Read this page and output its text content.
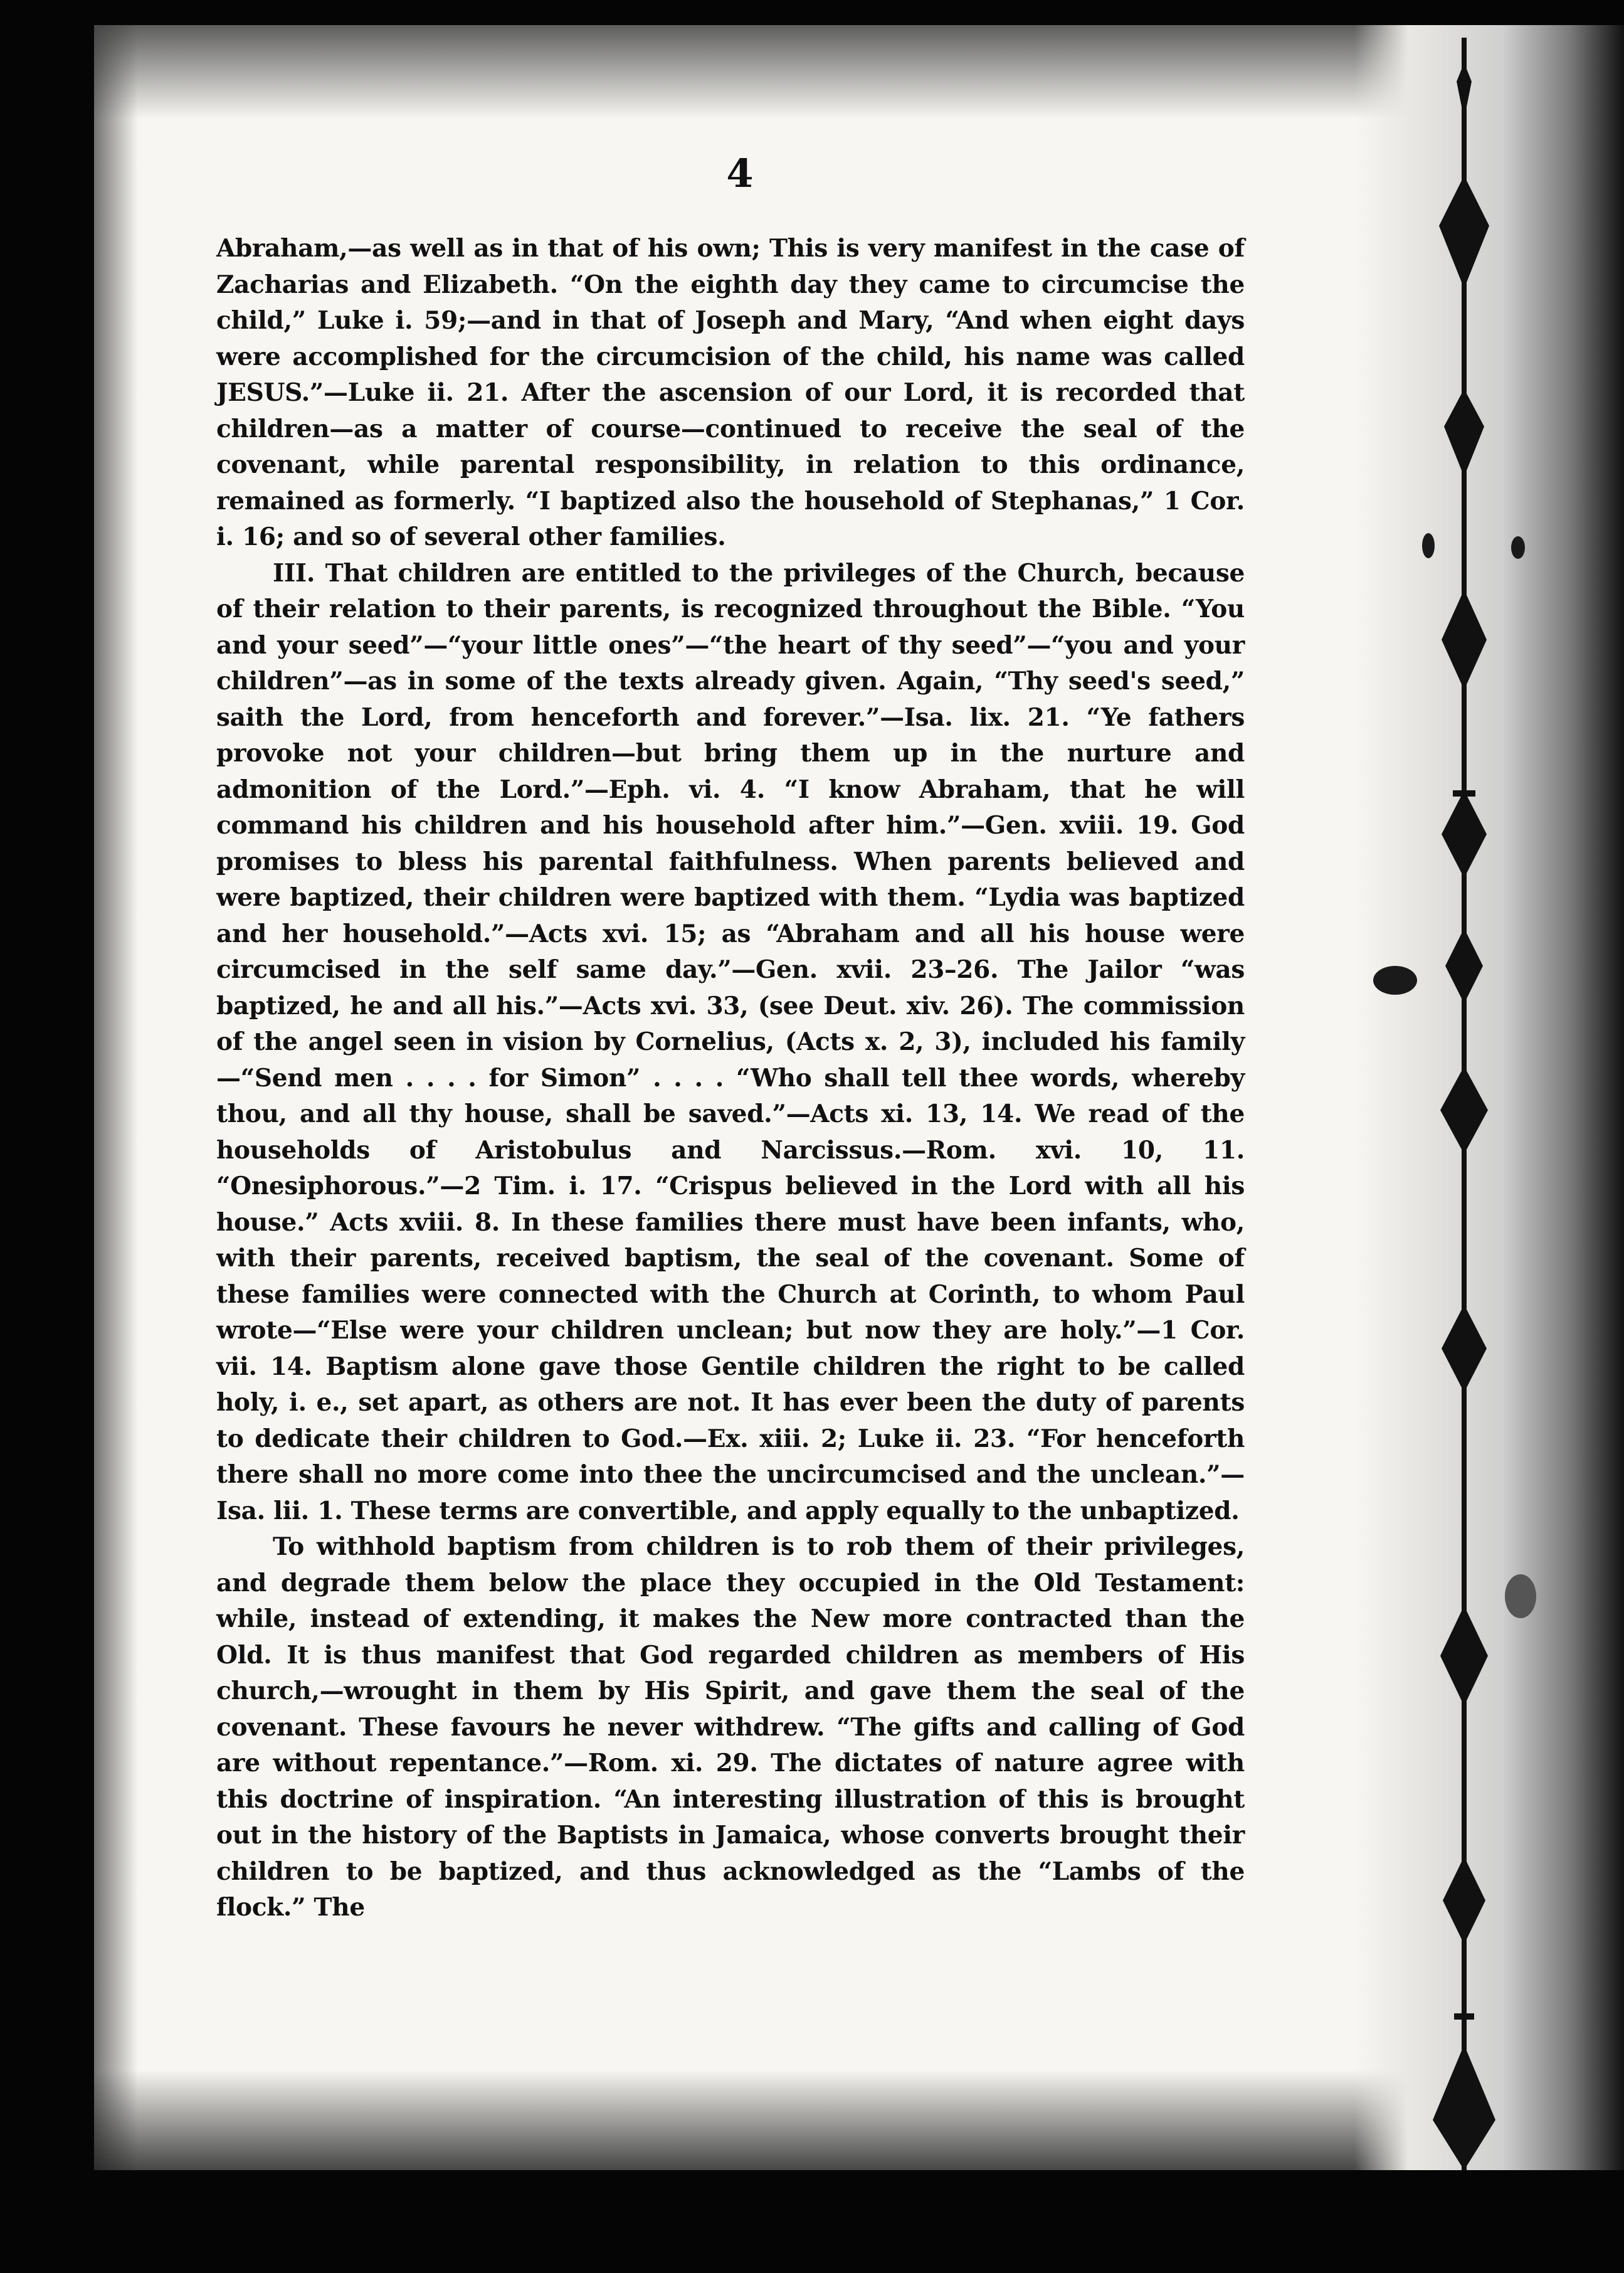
4

Abraham,—as well as in that of his own; This is very manifest in the case of Zacharias and Elizabeth. “On the eighth day they came to circumcise the child,” Luke i. 59;—and in that of Joseph and Mary, “And when eight days were accomplished for the circumcision of the child, his name was called JESUS.”—Luke ii. 21. After the ascension of our Lord, it is recorded that children—as a matter of course—continued to receive the seal of the covenant, while parental responsibility, in relation to this ordinance, remained as formerly. “I baptized also the household of Stephanas,” 1 Cor. i. 16; and so of several other families.

III. That children are entitled to the privileges of the Church, because of their relation to their parents, is recognized throughout the Bible. “You and your seed”—“your little ones”—“the heart of thy seed”—“you and your children”—as in some of the texts already given. Again, “Thy seed's seed,” saith the Lord, from henceforth and forever.”—Isa. lix. 21. “Ye fathers provoke not your children—but bring them up in the nurture and admonition of the Lord.”—Eph. vi. 4. “I know Abraham, that he will command his children and his household after him.”—Gen. xviii. 19. God promises to bless his parental faithfulness. When parents believed and were baptized, their children were baptized with them. “Lydia was baptized and her household.”—Acts xvi. 15; as “Abraham and all his house were circumcised in the self same day.”—Gen. xvii. 23–26. The Jailor “was baptized, he and all his.”—Acts xvi. 33, (see Deut. xiv. 26). The commission of the angel seen in vision by Cornelius, (Acts x. 2, 3), included his family—“Send men . . . . for Simon” . . . . “Who shall tell thee words, whereby thou, and all thy house, shall be saved.”—Acts xi. 13, 14. We read of the households of Aristobulus and Narcissus.—Rom. xvi. 10, 11. “Onesiphorous.”—2 Tim. i. 17. “Crispus believed in the Lord with all his house.” Acts xviii. 8. In these families there must have been infants, who, with their parents, received baptism, the seal of the covenant. Some of these families were connected with the Church at Corinth, to whom Paul wrote—“Else were your children unclean; but now they are holy.”—1 Cor. vii. 14. Baptism alone gave those Gentile children the right to be called holy, i. e., set apart, as others are not. It has ever been the duty of parents to dedicate their children to God.—Ex. xiii. 2; Luke ii. 23. “For henceforth there shall no more come into thee the uncircumcised and the unclean.”—Isa. lii. 1. These terms are convertible, and apply equally to the unbaptized.

To withhold baptism from children is to rob them of their privileges, and degrade them below the place they occupied in the Old Testament: while, instead of extending, it makes the New more contracted than the Old. It is thus manifest that God regarded children as members of His church,—wrought in them by His Spirit, and gave them the seal of the covenant. These favours he never withdrew. “The gifts and calling of God are without repentance.”—Rom. xi. 29. The dictates of nature agree with this doctrine of inspiration. “An interesting illustration of this is brought out in the history of the Baptists in Jamaica, whose converts brought their children to be baptized, and thus acknowledged as the “Lambs of the flock.” The
